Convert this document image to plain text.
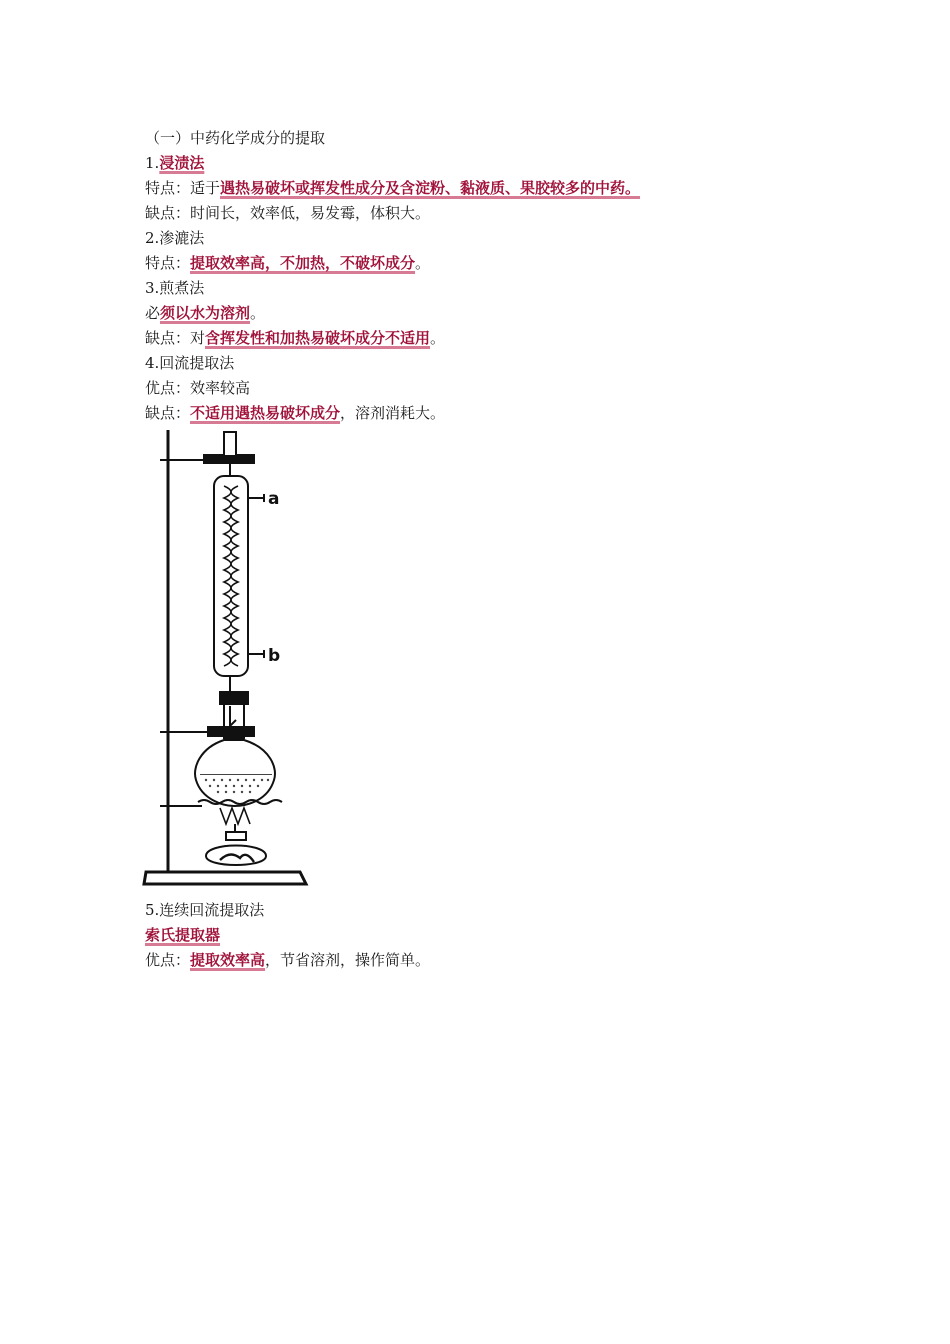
（一）中药化学成分的提取
1.浸渍法
特点：适于遇热易破坏或挥发性成分及含淀粉、黏液质、果胶较多的中药。
缺点：时间长，效率低，易发霉，体积大。
2.渗漉法
特点：提取效率高，不加热，不破坏成分。
3.煎煮法
必须以水为溶剂。
缺点：对含挥发性和加热易破坏成分不适用。
4.回流提取法
优点：效率较高
缺点：不适用遇热易破坏成分，溶剂消耗大。
a
b
5.连续回流提取法
索氏提取器
优点：提取效率高，节省溶剂，操作简单。
